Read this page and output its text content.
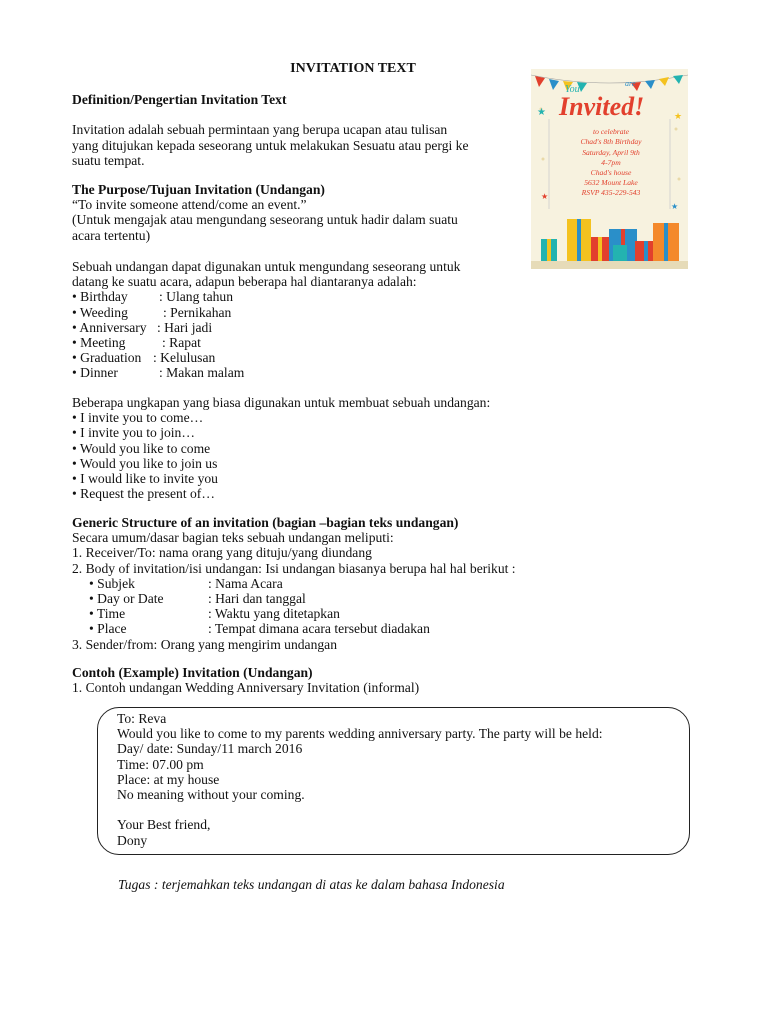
INVITATION TEXT

Definition/Pengertian Invitation Text

Invitation adalah sebuah permintaan yang berupa ucapan atau tulisan

yang ditujukan kepada seseorang untuk melakukan Sesuatu atau pergi ke

suatu tempat.

The Purpose/Tujuan Invitation (Undangan)

“To invite someone attend/come an event.”

(Untuk mengajak atau mengundang seseorang untuk hadir dalam suatu

acara tertentu)

Sebuah undangan dapat digunakan untuk mengundang seseorang untuk

datang ke suatu acara, adapun beberapa hal diantaranya adalah:

• Birthday : Ulang tahun

• Weeding	: Pernikahan

• Anniversary : Hari jadi

• Meeting	: Rapat

• Graduation : Kelulusan

• Dinner	: Makan malam

Beberapa ungkapan yang biasa digunakan untuk membuat sebuah undangan:

• I invite you to come…

• I invite you to join…

• Would you like to come

• Would you like to join us

• I would like to invite you

• Request the present of…

Generic Structure of an invitation (bagian –bagian teks undangan)

Secara umum/dasar bagian teks sebuah undangan meliputi:

1. Receiver/To: nama orang yang dituju/yang diundang

2. Body of invitation/isi undangan: Isi undangan biasanya berupa hal hal berikut :

• Subjek	: Nama Acara

• Day or Date	: Hari dan tanggal

• Time	: Waktu yang ditetapkan

• Place	: Tempat dimana acara tersebut diadakan

3. Sender/from: Orang yang mengirim undangan

Contoh (Example) Invitation (Undangan)

1. Contoh undangan Wedding Anniversary Invitation (informal)

To: Reva

Would you like to come to my parents wedding anniversary party. The party will be held:

Day/ date: Sunday/11 march 2016

Time: 07.00 pm

Place: at my house

No meaning without your coming.

Your Best friend,

Dony

Tugas : terjemahkan teks undangan di atas ke dalam bahasa Indonesia
★	★
★
★
You
are
Invited!
to celebrate
Chad's 8th Birthday
Saturday, April 9th
4-7pm
Chad's house
5632 Mount Lake
RSVP 435-229-543
